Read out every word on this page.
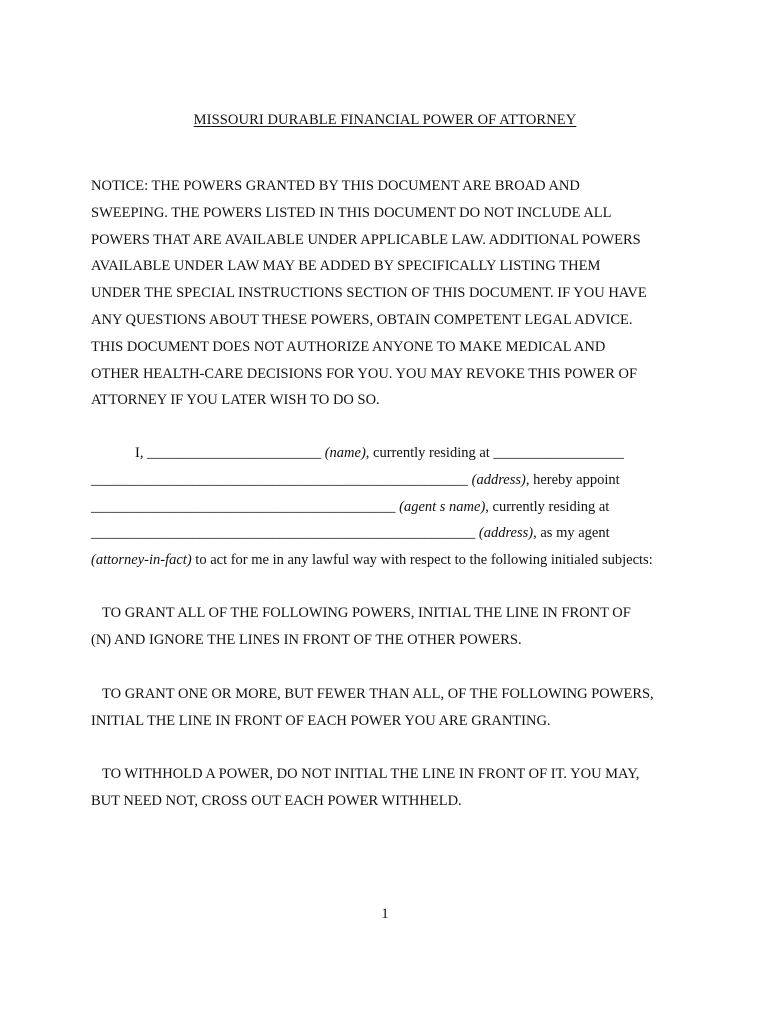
MISSOURI DURABLE FINANCIAL POWER OF ATTORNEY
NOTICE: THE POWERS GRANTED BY THIS DOCUMENT ARE BROAD AND
SWEEPING. THE POWERS LISTED IN THIS DOCUMENT DO NOT INCLUDE ALL
POWERS THAT ARE AVAILABLE UNDER APPLICABLE LAW. ADDITIONAL POWERS
AVAILABLE UNDER LAW MAY BE ADDED BY SPECIFICALLY LISTING THEM
UNDER THE SPECIAL INSTRUCTIONS SECTION OF THIS DOCUMENT. IF YOU HAVE
ANY QUESTIONS ABOUT THESE POWERS, OBTAIN COMPETENT LEGAL ADVICE.
THIS DOCUMENT DOES NOT AUTHORIZE ANYONE TO MAKE MEDICAL AND
OTHER HEALTH-CARE DECISIONS FOR YOU. YOU MAY REVOKE THIS POWER OF
ATTORNEY IF YOU LATER WISH TO DO SO.
I, ________________________ (name), currently residing at __________________
____________________________________________________ (address), hereby appoint
__________________________________________ (agent s name), currently residing at
_____________________________________________________ (address), as my agent
(attorney-in-fact) to act for me in any lawful way with respect to the following initialed subjects:
TO GRANT ALL OF THE FOLLOWING POWERS, INITIAL THE LINE IN FRONT OF
(N) AND IGNORE THE LINES IN FRONT OF THE OTHER POWERS.
TO GRANT ONE OR MORE, BUT FEWER THAN ALL, OF THE FOLLOWING POWERS,
INITIAL THE LINE IN FRONT OF EACH POWER YOU ARE GRANTING.
TO WITHHOLD A POWER, DO NOT INITIAL THE LINE IN FRONT OF IT. YOU MAY,
BUT NEED NOT, CROSS OUT EACH POWER WITHHELD.
1
